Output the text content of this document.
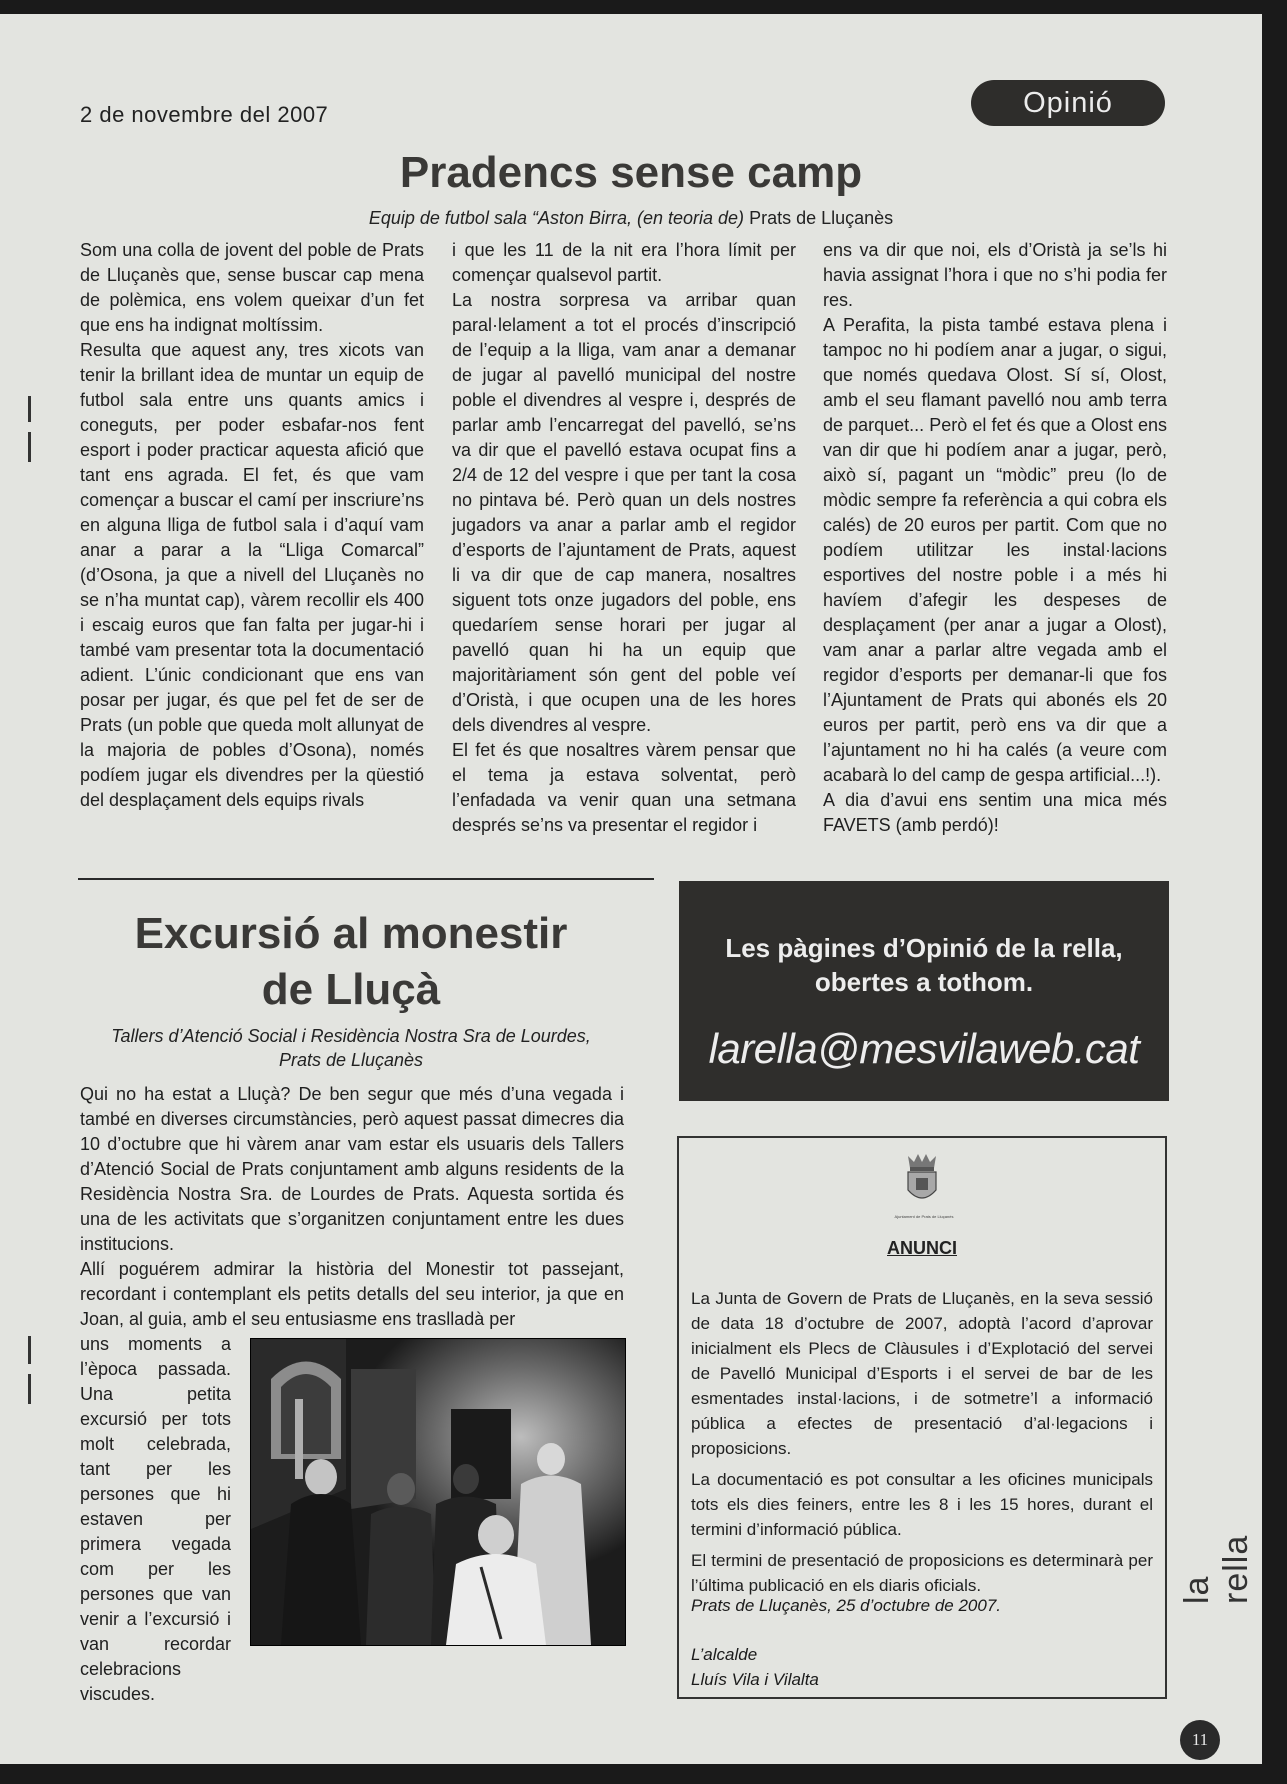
2 de novembre del 2007	Opinió
Pradencs sense camp
Equip de futbol sala “Aston Birra, (en teoria de) Prats de Lluçanès

Som una colla de jovent del poble de Prats de Lluçanès que, sense buscar cap mena de polèmica, ens volem queixar d’un fet que ens ha indignat moltíssim.

Resulta que aquest any, tres xicots van tenir la brillant idea de muntar un equip de futbol sala entre uns quants amics i coneguts, per poder esbafar-nos fent esport i poder practicar aquesta afició que tant ens agrada. El fet, és que vam començar a buscar el camí per inscriure’ns en alguna lliga de futbol sala i d’aquí vam anar a parar a la “Lliga Comarcal” (d’Osona, ja que a nivell del Lluçanès no se n’ha muntat cap), vàrem recollir els 400 i escaig euros que fan falta per jugar-hi i també vam presentar tota la documentació adient. L’únic condicionant que ens van posar per jugar, és que pel fet de ser de Prats (un poble que queda molt allunyat de la majoria de pobles d’Osona), només podíem jugar els divendres per la qüestió del desplaçament dels equips rivals

i que les 11 de la nit era l’hora límit per començar qualsevol partit.

La nostra sorpresa va arribar quan paral·lelament a tot el procés d’inscripció de l’equip a la lliga, vam anar a demanar de jugar al pavelló municipal del nostre poble el divendres al vespre i, després de parlar amb l’encarregat del pavelló, se’ns va dir que el pavelló estava ocupat fins a 2/4 de 12 del vespre i que per tant la cosa no pintava bé. Però quan un dels nostres jugadors va anar a parlar amb el regidor d’esports de l’ajuntament de Prats, aquest li va dir que de cap manera, nosaltres siguent tots onze jugadors del poble, ens quedaríem sense horari per jugar al pavelló quan hi ha un equip que majoritàriament són gent del poble veí d’Oristà, i que ocupen una de les hores dels divendres al vespre.

El fet és que nosaltres vàrem pensar que el tema ja estava solventat, però l’enfadada va venir quan una setmana després se’ns va presentar el regidor i

ens va dir que noi, els d’Oristà ja se’ls hi havia assignat l’hora i que no s’hi podia fer res.

A Perafita, la pista també estava plena i tampoc no hi podíem anar a jugar, o sigui, que només quedava Olost. Sí sí, Olost, amb el seu flamant pavelló nou amb terra de parquet... Però el fet és que a Olost ens van dir que hi podíem anar a jugar, però, això sí, pagant un “mòdic” preu (lo de mòdic sempre fa referència a qui cobra els calés) de 20 euros per partit. Com que no podíem utilitzar les instal·lacions esportives del nostre poble i a més hi havíem d’afegir les despeses de desplaçament (per anar a jugar a Olost), vam anar a parlar altre vegada amb el regidor d’esports per demanar-li que fos l’Ajuntament de Prats qui abonés els 20 euros per partit, però ens va dir que a l’ajuntament no hi ha calés (a veure com acabarà lo del camp de gespa artificial...!).

A dia d’avui ens sentim una mica més FAVETS (amb perdó)!

Excursió al monestir
de Lluçà
Tallers d’Atenció Social i Residència Nostra Sra de Lourdes,
Prats de Lluçanès

Qui no ha estat a Lluçà? De ben segur que més d’una vegada i també en diverses circumstàncies, però aquest passat dimecres dia 10 d’octubre que hi vàrem anar vam estar els usuaris dels Tallers d’Atenció Social de Prats conjuntament amb alguns residents de la Residència Nostra Sra. de Lourdes de Prats. Aquesta sortida és una de les activitats que s’organitzen conjuntament entre les dues institucions.

Allí poguérem admirar la història del Monestir tot passejant, recordant i contemplant els petits detalls del seu interior, ja que en Joan, al guia, amb el seu entusiasme ens traslladà per

uns moments a l’època passada. Una petita excursió per tots molt celebrada, tant per les persones que hi estaven per primera vegada com per les persones que van venir a l’excursió i van recordar celebracions viscudes.
Les pàgines d’Opinió de la rella,
obertes a tothom.
larella@mesvilaweb.cat
Ajuntament de Prats de Lluçanès
ANUNCI

La Junta de Govern de Prats de Lluçanès, en la seva sessió de data 18 d’octubre de 2007, adoptà l’acord d’aprovar inicialment els Plecs de Clàusules i d’Explotació del servei de Pavelló Municipal d’Esports i el servei de bar de les esmentades instal·lacions, i de sotmetre’l a informació pública a efectes de presentació d’al·legacions i proposicions.

La documentació es pot consultar a les oficines municipals tots els dies feiners, entre les 8 i les 15 hores, durant el termini d’informació pública.

El termini de presentació de proposicions es determinarà per l’última publicació en els diaris oficials.

Prats de Lluçanès, 25 d’octubre de 2007.
L’alcalde
Lluís Vila i Vilalta
la rella
11
